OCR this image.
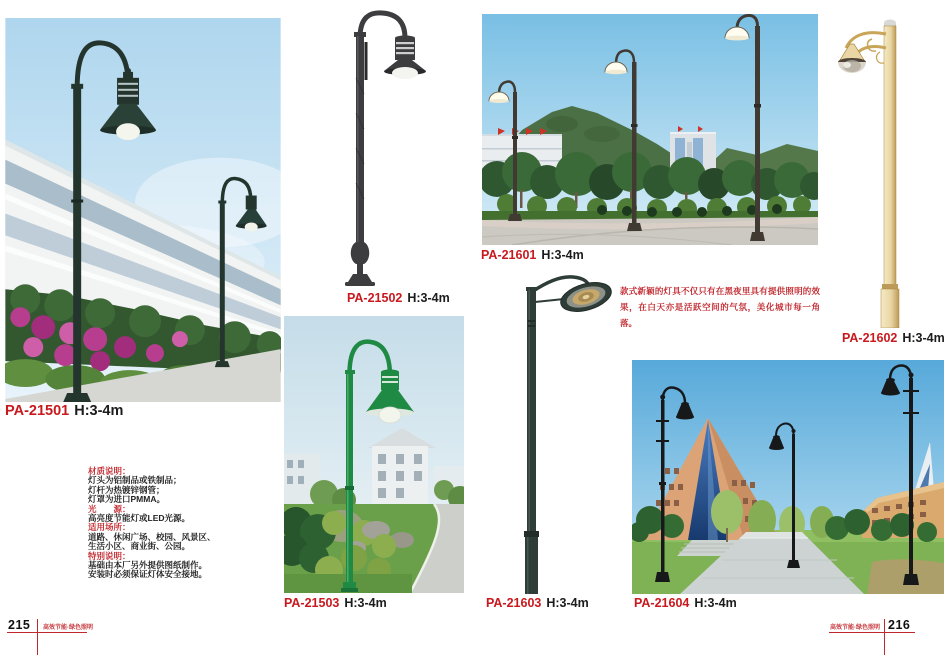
材质说明：
灯头为铝制品或铁制品；
灯杆为热镀锌钢管；
灯罩为进口PMMA。
光　　源：
高亮度节能灯或LED光源。
适用场所：
道路、休闲广场、校园、风景区、
生活小区、商业街、公园。
特别说明：
基础由本厂另外提供图纸制作。
安装时必须保证灯体安全接地。
款式新颖的灯具不仅只有在黑夜里具有提供照明的效果，在白天亦是活跃空间的气氛，美化城市每一角落。
PA-21501 H:3-4m
PA-21502 H:3-4m
PA-21503 H:3-4m
PA-21601 H:3-4m
PA-21602 H:3-4m
PA-21603 H:3-4m	PA-21604 H:3-4m
215 高效节能·绿色照明	高效节能·绿色照明 216
